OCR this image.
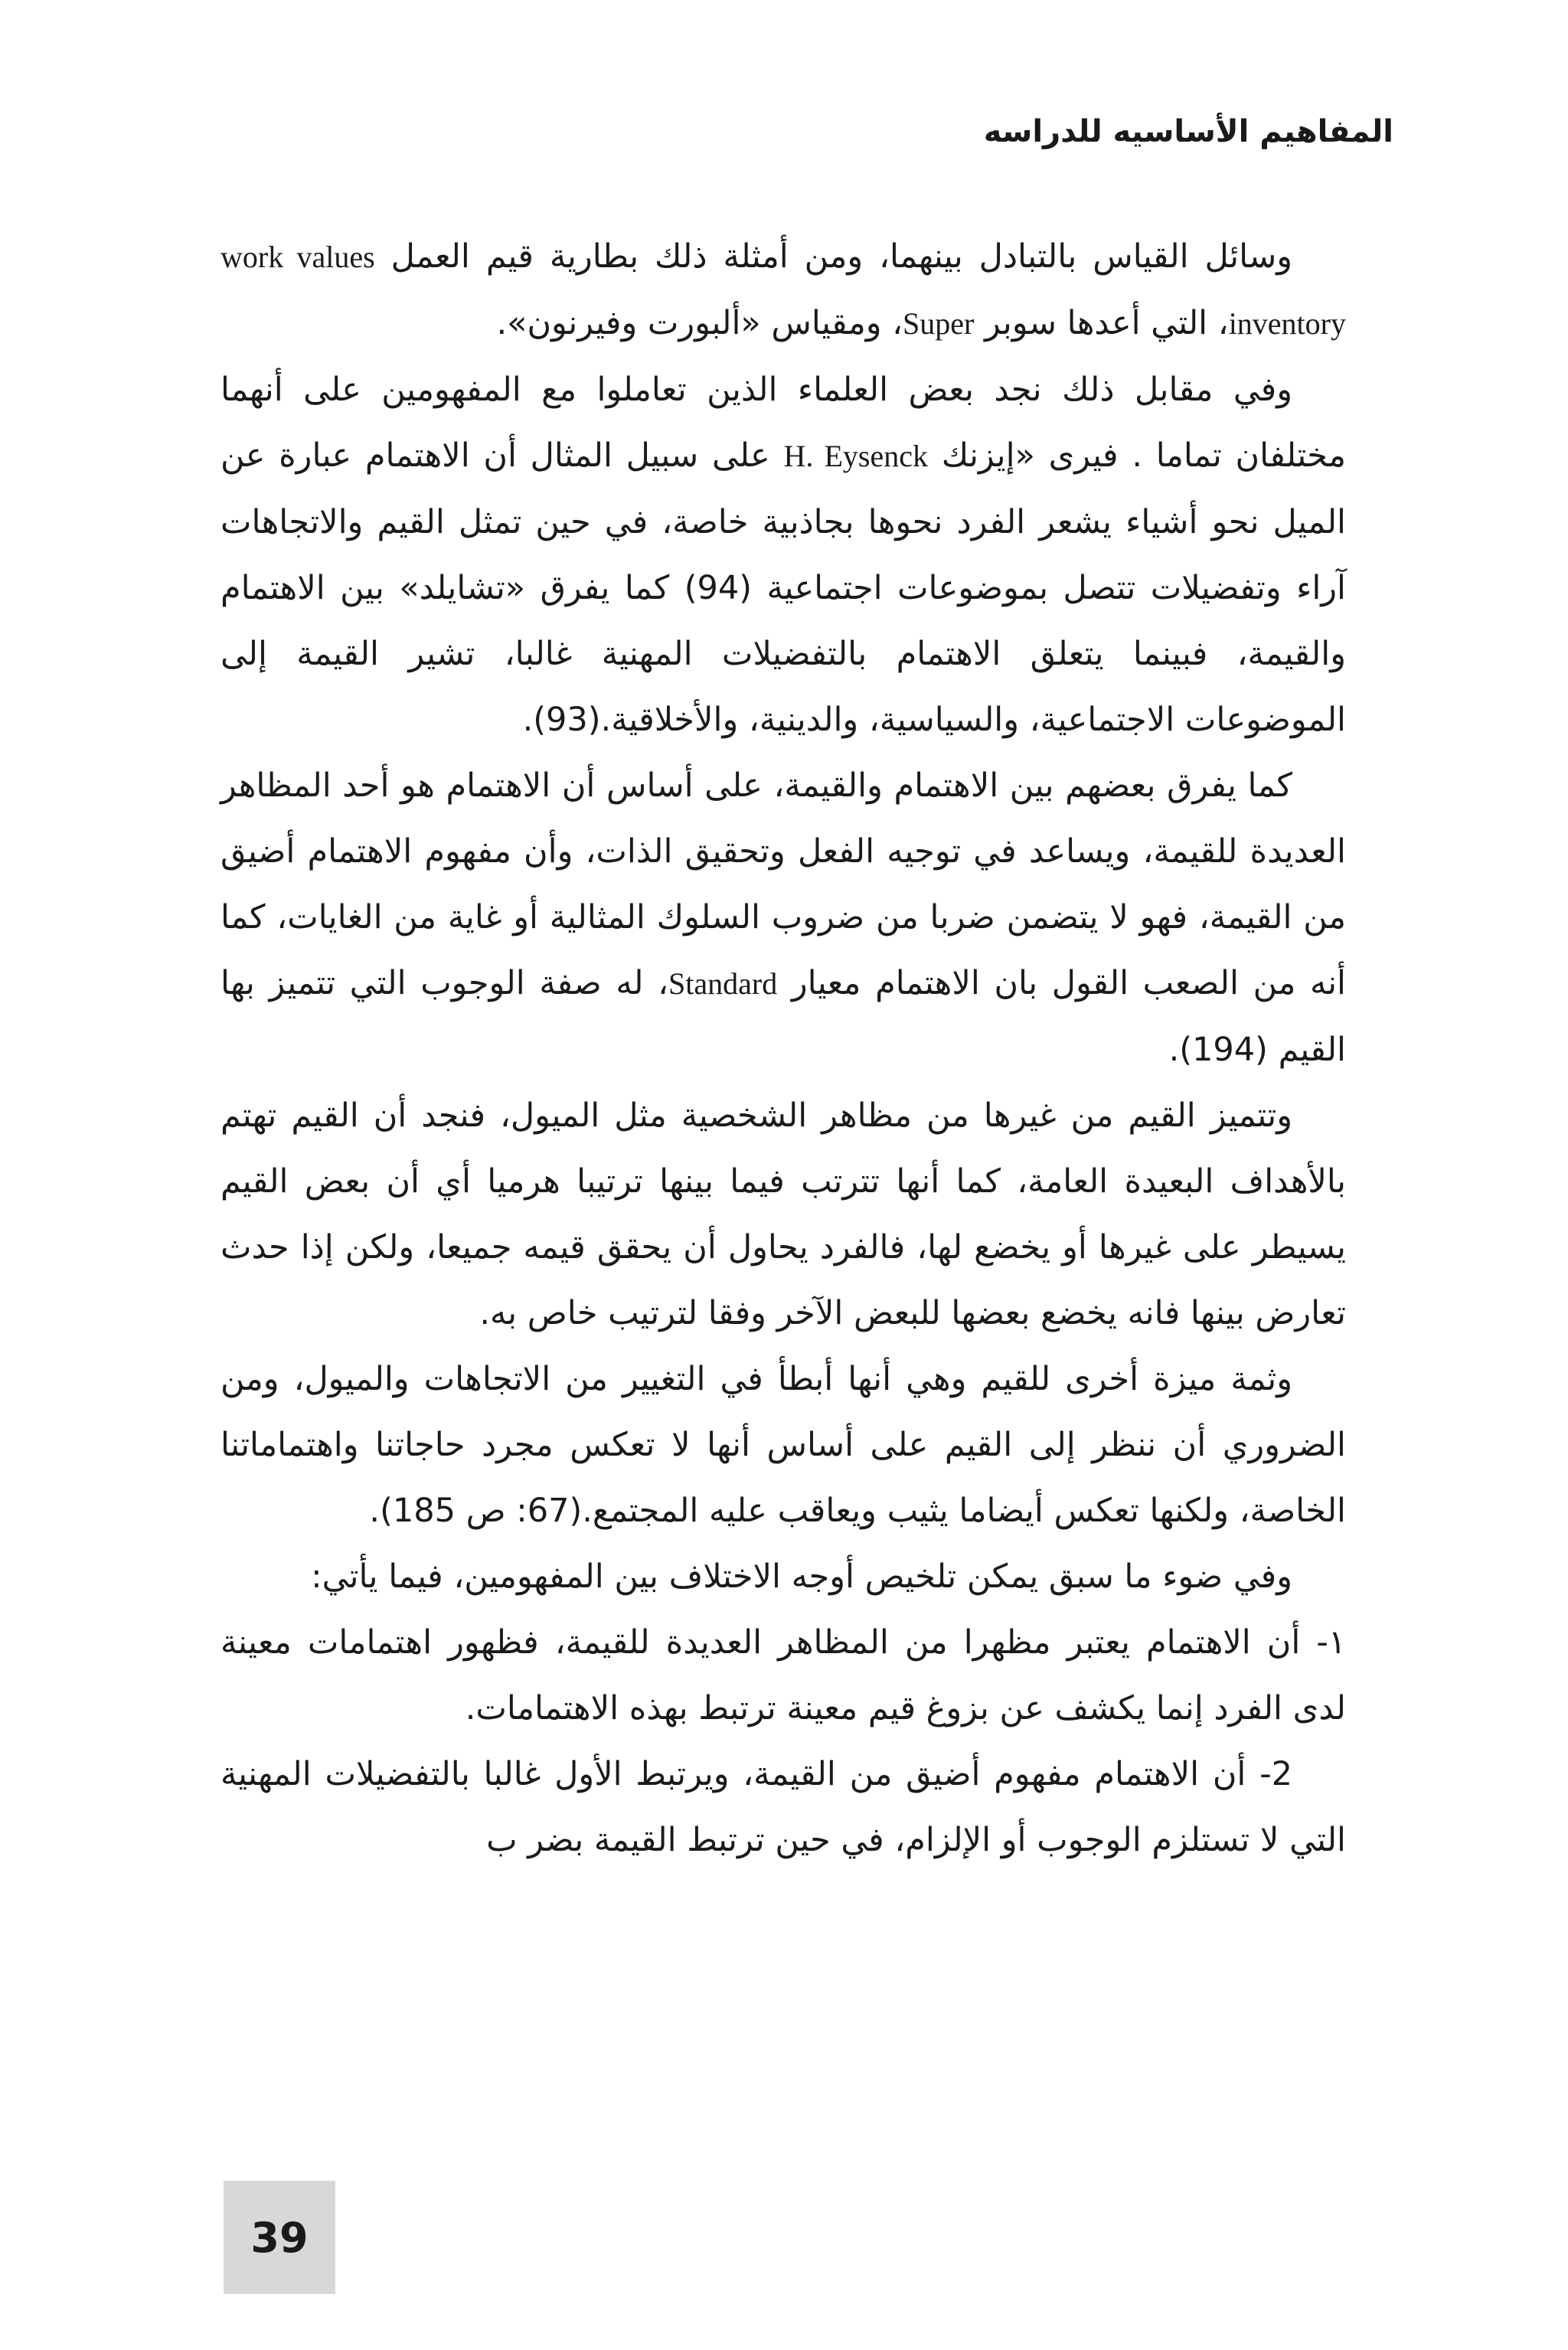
المفاهيم الأساسيه للدراسه

وسائل القياس بالتبادل بينهما، ومن أمثلة ذلك بطارية قيم العمل work values inventory، التي أعدها سوبر Super، ومقياس «ألبورت وفيرنون».

وفي مقابل ذلك نجد بعض العلماء الذين تعاملوا مع المفهومين على أنهما مختلفان تماما . فيرى «إيزنك H. Eysenck على سبيل المثال أن الاهتمام عبارة عن الميل نحو أشياء يشعر الفرد نحوها بجاذبية خاصة، في حين تمثل القيم والاتجاهات آراء وتفضيلات تتصل بموضوعات اجتماعية (94) كما يفرق «تشايلد» بين الاهتمام والقيمة، فبينما يتعلق الاهتمام بالتفضيلات المهنية غالبا، تشير القيمة إلى الموضوعات الاجتماعية، والسياسية، والدينية، والأخلاقية.(93).

كما يفرق بعضهم بين الاهتمام والقيمة، على أساس أن الاهتمام هو أحد المظاهر العديدة للقيمة، ويساعد في توجيه الفعل وتحقيق الذات، وأن مفهوم الاهتمام أضيق من القيمة، فهو لا يتضمن ضربا من ضروب السلوك المثالية أو غاية من الغايات، كما أنه من الصعب القول بان الاهتمام معيار Standard، له صفة الوجوب التي تتميز بها القيم (194).

وتتميز القيم من غيرها من مظاهر الشخصية مثل الميول، فنجد أن القيم تهتم بالأهداف البعيدة العامة، كما أنها تترتب فيما بينها ترتيبا هرميا أي أن بعض القيم يسيطر على غيرها أو يخضع لها، فالفرد يحاول أن يحقق قيمه جميعا، ولكن إذا حدث تعارض بينها فانه يخضع بعضها للبعض الآخر وفقا لترتيب خاص به.

وثمة ميزة أخرى للقيم وهي أنها أبطأ في التغيير من الاتجاهات والميول، ومن الضروري أن ننظر إلى القيم على أساس أنها لا تعكس مجرد حاجاتنا واهتماماتنا الخاصة، ولكنها تعكس أيضاما يثيب ويعاقب عليه المجتمع.(67: ص 185).

وفي ضوء ما سبق يمكن تلخيص أوجه الاختلاف بين المفهومين، فيما يأتي:

١- أن الاهتمام يعتبر مظهرا من المظاهر العديدة للقيمة، فظهور اهتمامات معينة لدى الفرد إنما يكشف عن بزوغ قيم معينة ترتبط بهذه الاهتمامات.

2- أن الاهتمام مفهوم أضيق من القيمة، ويرتبط الأول غالبا بالتفضيلات المهنية التي لا تستلزم الوجوب أو الإلزام، في حين ترتبط القيمة بضر ب

39
